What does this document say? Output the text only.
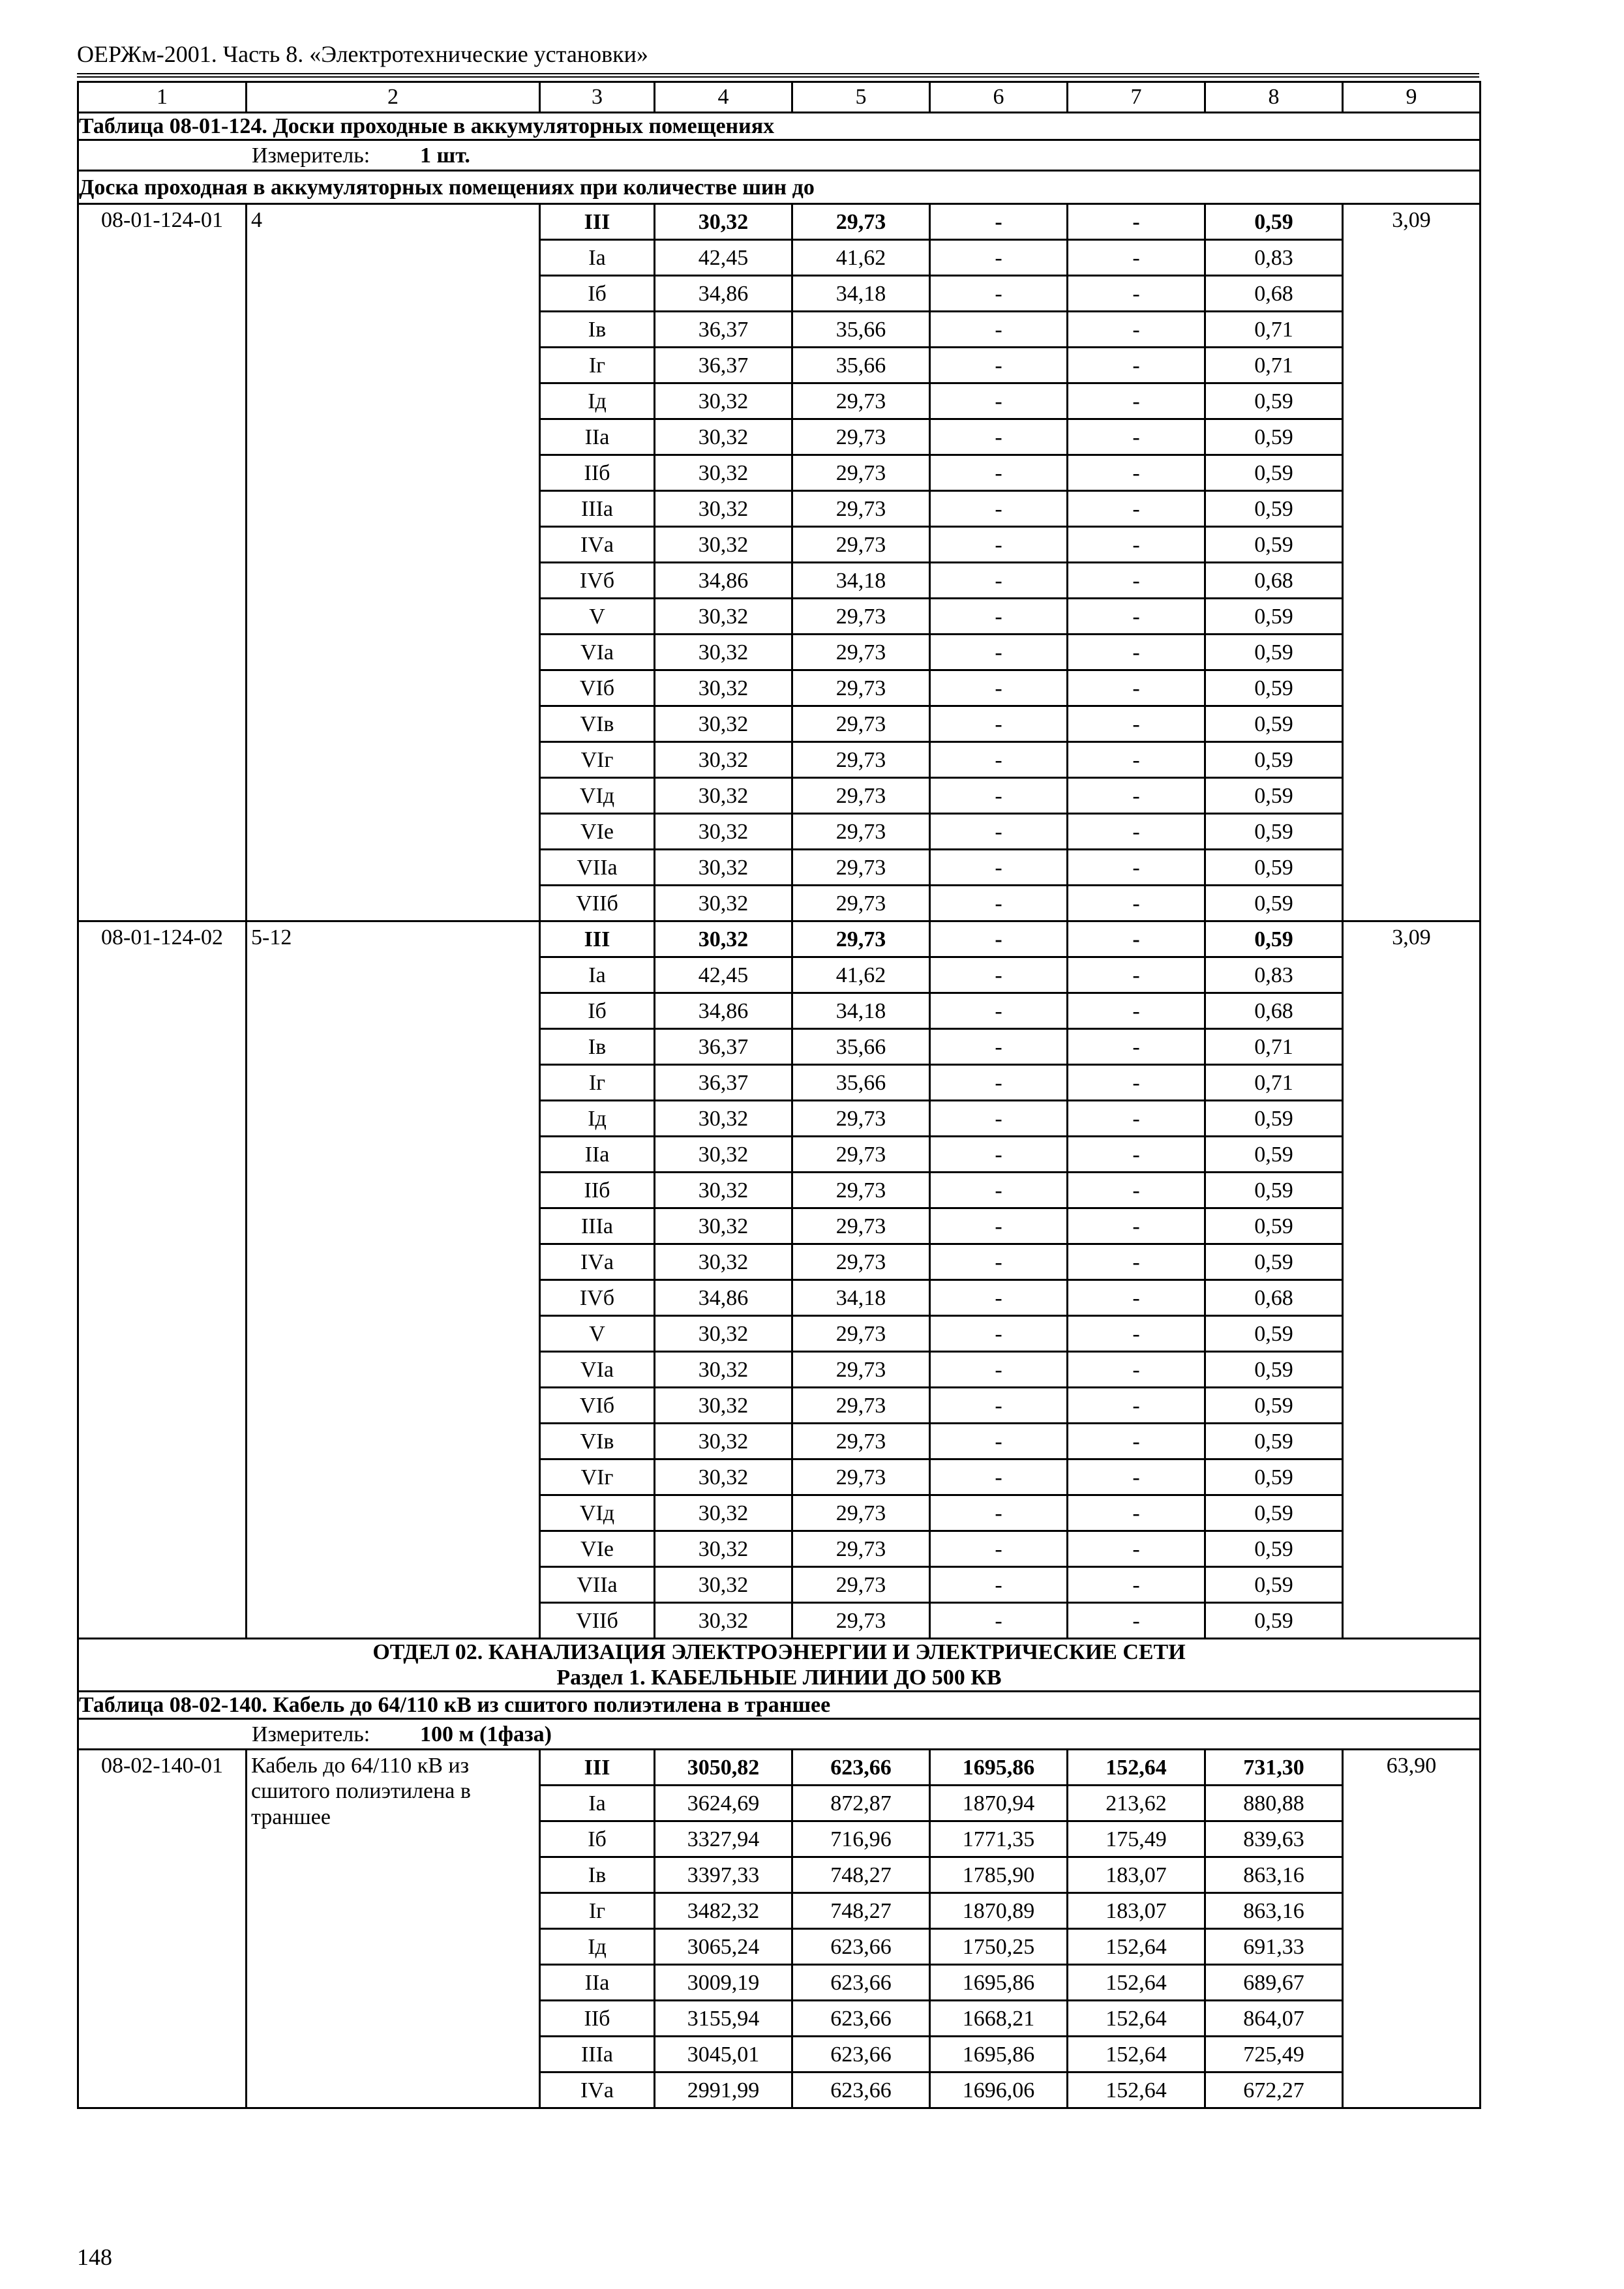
ОЕРЖм-2001. Часть 8. «Электротехнические установки»
1	2	3	4	5	6	7	8	9
Таблица 08-01-124. Доски проходные в аккумуляторных помещениях								
Измеритель: 1 шт.								
Доска проходная в аккумуляторных помещениях при количестве шин до								
08-01-124-01	4	III	30,32	29,73	-	-	0,59	3,09
		Iа	42,45	41,62	-	-	0,83	
		Iб	34,86	34,18	-	-	0,68	
		Iв	36,37	35,66	-	-	0,71	
		Iг	36,37	35,66	-	-	0,71	
		Iд	30,32	29,73	-	-	0,59	
		IIа	30,32	29,73	-	-	0,59	
		IIб	30,32	29,73	-	-	0,59	
		IIIа	30,32	29,73	-	-	0,59	
		IVа	30,32	29,73	-	-	0,59	
		IVб	34,86	34,18	-	-	0,68	
		V	30,32	29,73	-	-	0,59	
		VIа	30,32	29,73	-	-	0,59	
		VIб	30,32	29,73	-	-	0,59	
		VIв	30,32	29,73	-	-	0,59	
		VIг	30,32	29,73	-	-	0,59	
		VIд	30,32	29,73	-	-	0,59	
		VIе	30,32	29,73	-	-	0,59	
		VIIа	30,32	29,73	-	-	0,59	
		VIIб	30,32	29,73	-	-	0,59	
08-01-124-02	5-12	III	30,32	29,73	-	-	0,59	3,09
		Iа	42,45	41,62	-	-	0,83	
		Iб	34,86	34,18	-	-	0,68	
		Iв	36,37	35,66	-	-	0,71	
		Iг	36,37	35,66	-	-	0,71	
		Iд	30,32	29,73	-	-	0,59	
		IIа	30,32	29,73	-	-	0,59	
		IIб	30,32	29,73	-	-	0,59	
		IIIа	30,32	29,73	-	-	0,59	
		IVа	30,32	29,73	-	-	0,59	
		IVб	34,86	34,18	-	-	0,68	
		V	30,32	29,73	-	-	0,59	
		VIа	30,32	29,73	-	-	0,59	
		VIб	30,32	29,73	-	-	0,59	
		VIв	30,32	29,73	-	-	0,59	
		VIг	30,32	29,73	-	-	0,59	
		VIд	30,32	29,73	-	-	0,59	
		VIе	30,32	29,73	-	-	0,59	
		VIIа	30,32	29,73	-	-	0,59	
		VIIб	30,32	29,73	-	-	0,59	

ОТДЕЛ 02. КАНАЛИЗАЦИЯ ЭЛЕКТРОЭНЕРГИИ И ЭЛЕКТРИЧЕСКИЕ СЕТИ
Раздел 1. КАБЕЛЬНЫЕ ЛИНИИ ДО 500 КВ								

Таблица 08-02-140. Кабель до 64/110 кВ из сшитого полиэтилена в траншее								
Измеритель: 100 м (1фаза)								
08-02-140-01	Кабель до 64/110 кВ из сшитого полиэтилена в траншее	III	3050,82	623,66	1695,86	152,64	731,30	63,90
		Iа	3624,69	872,87	1870,94	213,62	880,88	
		Iб	3327,94	716,96	1771,35	175,49	839,63	
		Iв	3397,33	748,27	1785,90	183,07	863,16	
		Iг	3482,32	748,27	1870,89	183,07	863,16	
		Iд	3065,24	623,66	1750,25	152,64	691,33	
		IIа	3009,19	623,66	1695,86	152,64	689,67	
		IIб	3155,94	623,66	1668,21	152,64	864,07	
		IIIа	3045,01	623,66	1695,86	152,64	725,49	
		IVа	2991,99	623,66	1696,06	152,64	672,27	
148
